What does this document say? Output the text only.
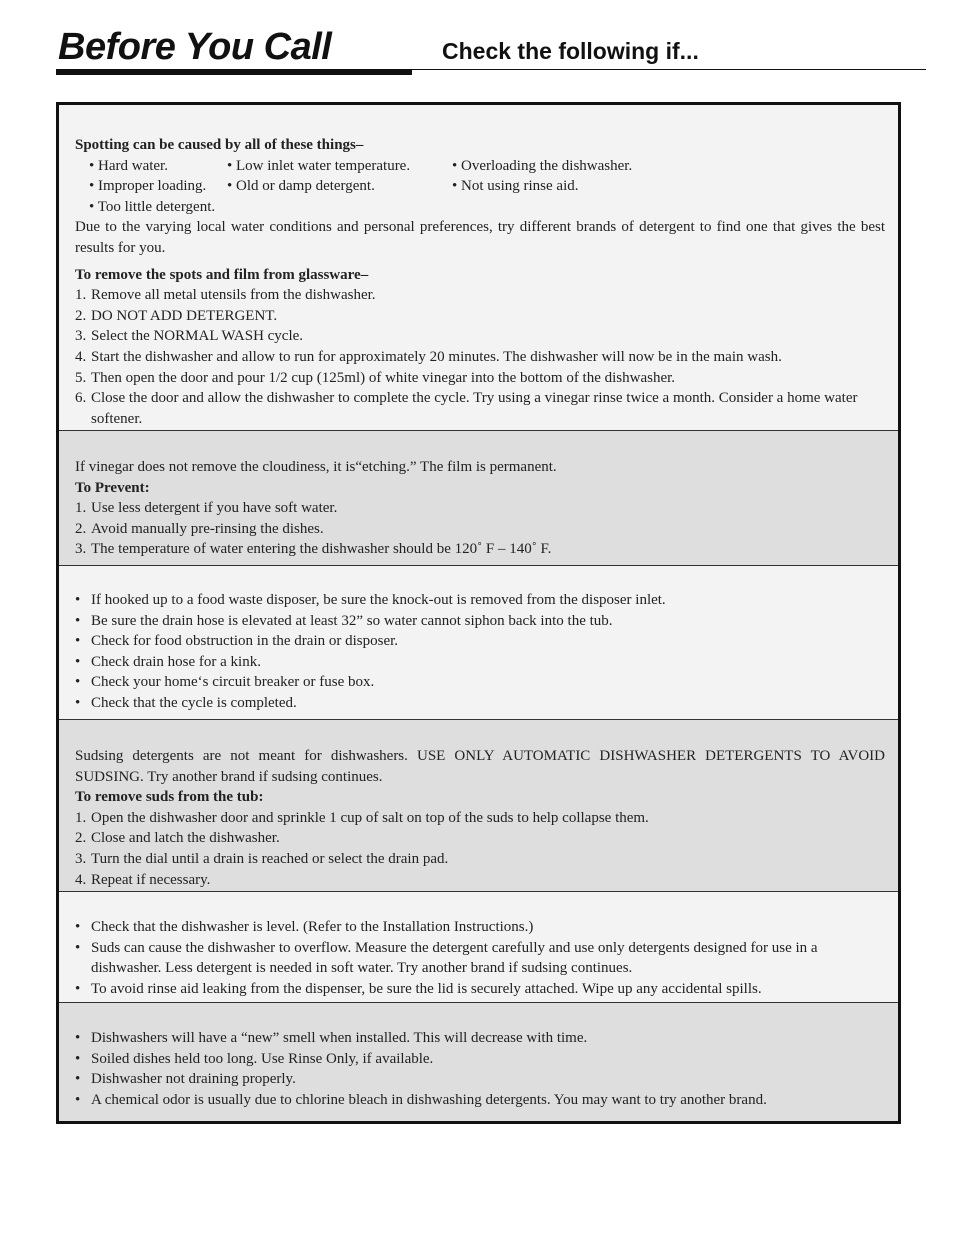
Before You Call	Check the following if...
Spotting can be caused by all of these things–
• Hard water.	• Low inlet water temperature.	• Overloading the dishwasher.
• Improper loading.	• Old or damp detergent.	• Not using rinse aid.
• Too little detergent.
Due to the varying local water conditions and personal preferences, try different brands of detergent to find one that gives the best results for you.
To remove the spots and film from glassware–
1. Remove all metal utensils from the dishwasher.
2. DO NOT ADD DETERGENT.
3. Select the NORMAL WASH cycle.
4. Start the dishwasher and allow to run for approximately 20 minutes. The dishwasher will now be in the main wash.
5. Then open the door and pour 1/2 cup (125ml) of white vinegar into the bottom of the dishwasher.
6. Close the door and allow the dishwasher to complete the cycle. Try using a vinegar rinse twice a month. Consider a home water softener.
If vinegar does not remove the cloudiness, it is“etching.” The film is permanent.
To Prevent:
1. Use less detergent if you have soft water.
2. Avoid manually pre-rinsing the dishes.
3. The temperature of water entering the dishwasher should be 120˚ F – 140˚ F.
• If hooked up to a food waste disposer, be sure the knock-out is removed from the disposer inlet.
• Be sure the drain hose is elevated at least 32” so water cannot siphon back into the tub.
• Check for food obstruction in the drain or disposer.
• Check drain hose for a kink.
• Check your home‘s circuit breaker or fuse box.
• Check that the cycle is completed.
Sudsing detergents are not meant for dishwashers. USE ONLY AUTOMATIC DISHWASHER DETERGENTS TO AVOID SUDSING. Try another brand if sudsing continues.
To remove suds from the tub:
1. Open the dishwasher door and sprinkle 1 cup of salt on top of the suds to help collapse them.
2. Close and latch the dishwasher.
3. Turn the dial until a drain is reached or select the drain pad.
4. Repeat if necessary.
• Check that the dishwasher is level. (Refer to the Installation Instructions.)
• Suds can cause the dishwasher to overflow. Measure the detergent carefully and use only detergents designed for use in a dishwasher. Less detergent is needed in soft water. Try another brand if sudsing continues.
• To avoid rinse aid leaking from the dispenser, be sure the lid is securely attached. Wipe up any accidental spills.
• Dishwashers will have a “new” smell when installed. This will decrease with time.
• Soiled dishes held too long. Use Rinse Only, if available.
• Dishwasher not draining properly.
• A chemical odor is usually due to chlorine bleach in dishwashing detergents. You may want to try another brand.
